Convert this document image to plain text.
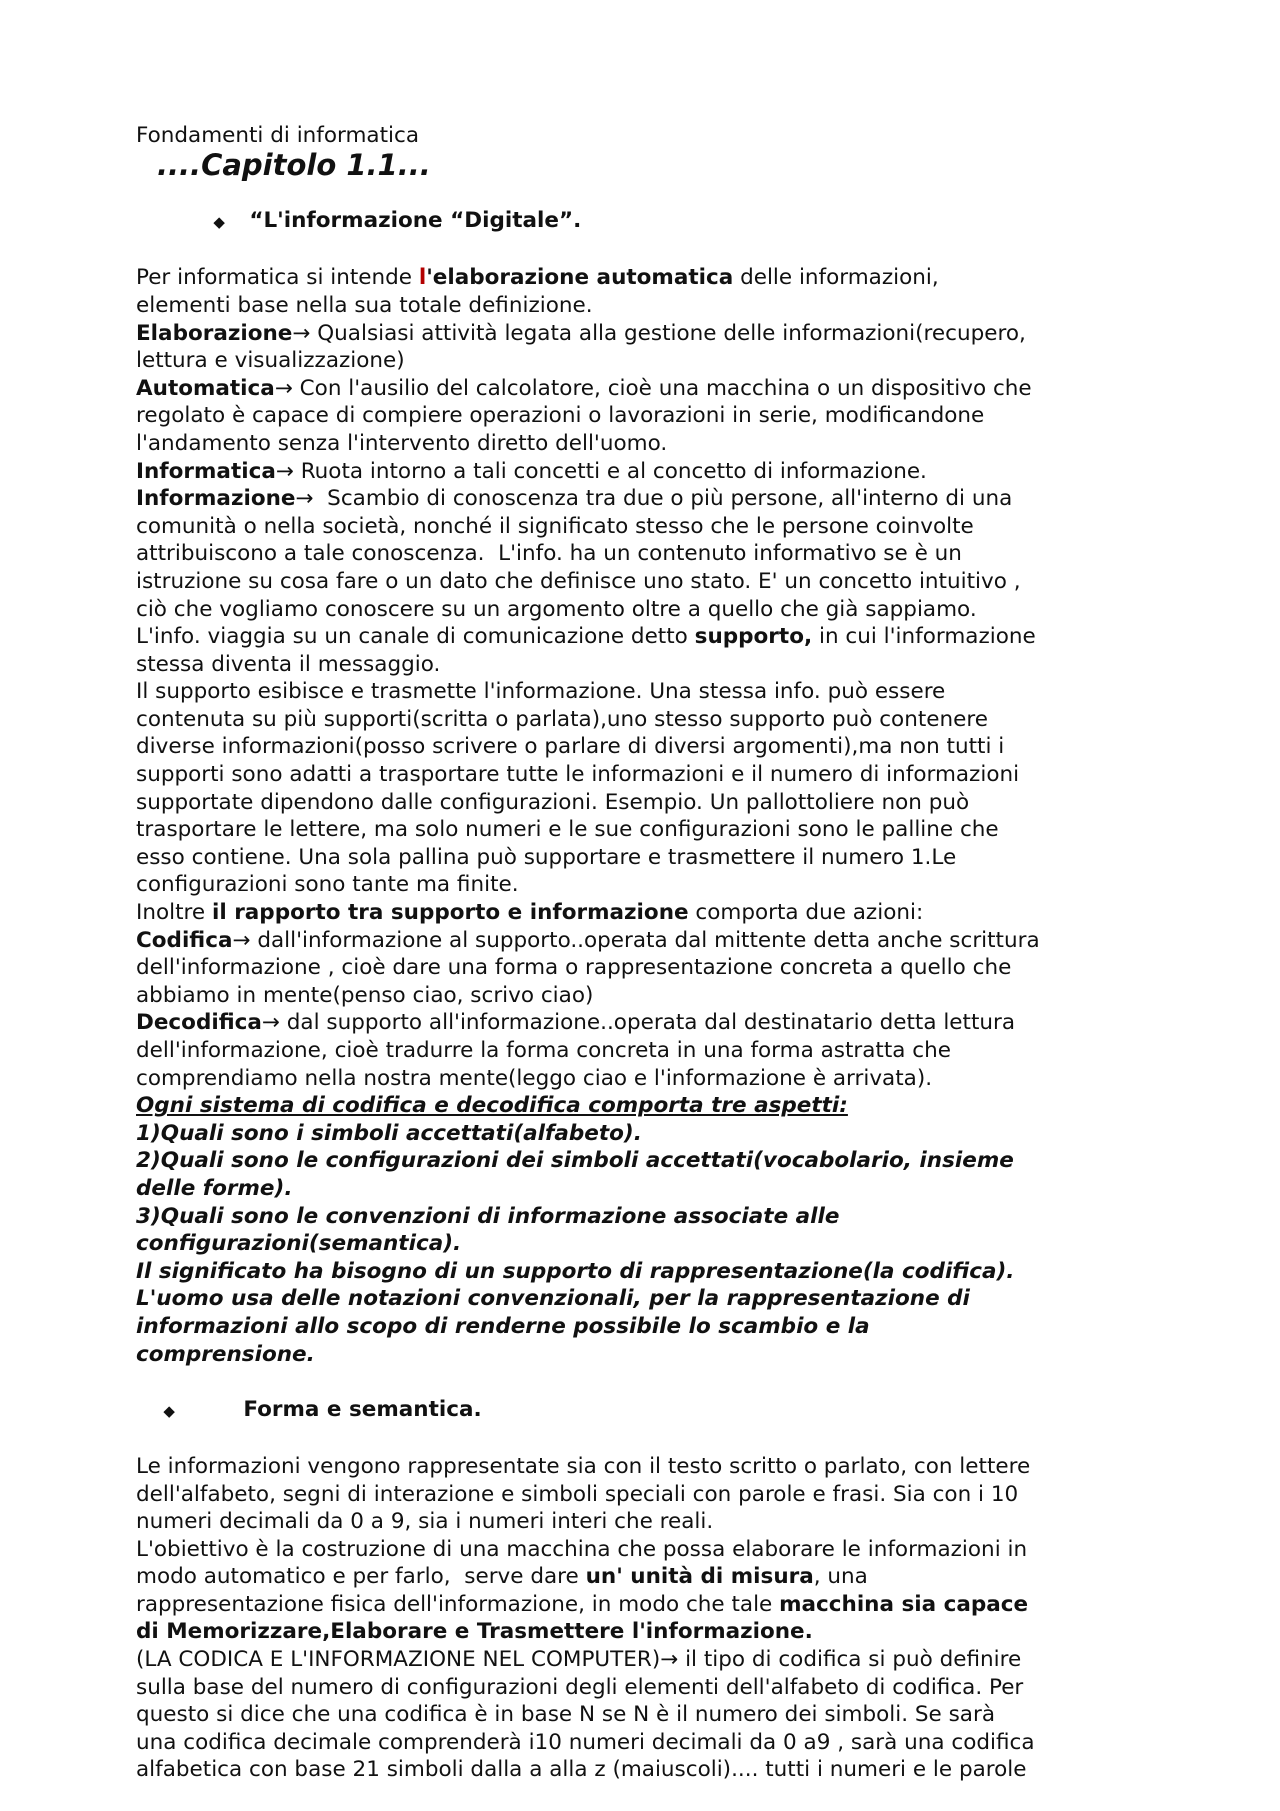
Fondamenti di informatica
....Capitolo 1.1...

◆ “L'informazione “Digitale”.

Per informatica si intende l'elaborazione automatica delle informazioni,
elementi base nella sua totale definizione.
Elaborazione→ Qualsiasi attività legata alla gestione delle informazioni(recupero,
lettura e visualizzazione)
Automatica→ Con l'ausilio del calcolatore, cioè una macchina o un dispositivo che
regolato è capace di compiere operazioni o lavorazioni in serie, modificandone
l'andamento senza l'intervento diretto dell'uomo.
Informatica→ Ruota intorno a tali concetti e al concetto di informazione.
Informazione→  Scambio di conoscenza tra due o più persone, all'interno di una
comunità o nella società, nonché il significato stesso che le persone coinvolte
attribuiscono a tale conoscenza.  L'info. ha un contenuto informativo se è un
istruzione su cosa fare o un dato che definisce uno stato. E' un concetto intuitivo ,
ciò che vogliamo conoscere su un argomento oltre a quello che già sappiamo.
L'info. viaggia su un canale di comunicazione detto supporto, in cui l'informazione
stessa diventa il messaggio.
Il supporto esibisce e trasmette l'informazione. Una stessa info. può essere
contenuta su più supporti(scritta o parlata),uno stesso supporto può contenere
diverse informazioni(posso scrivere o parlare di diversi argomenti),ma non tutti i
supporti sono adatti a trasportare tutte le informazioni e il numero di informazioni
supportate dipendono dalle configurazioni. Esempio. Un pallottoliere non può
trasportare le lettere, ma solo numeri e le sue configurazioni sono le palline che
esso contiene. Una sola pallina può supportare e trasmettere il numero 1.Le
configurazioni sono tante ma finite.
Inoltre il rapporto tra supporto e informazione comporta due azioni:
Codifica→ dall'informazione al supporto..operata dal mittente detta anche scrittura
dell'informazione , cioè dare una forma o rappresentazione concreta a quello che
abbiamo in mente(penso ciao, scrivo ciao)
Decodifica→ dal supporto all'informazione..operata dal destinatario detta lettura
dell'informazione, cioè tradurre la forma concreta in una forma astratta che
comprendiamo nella nostra mente(leggo ciao e l'informazione è arrivata).
Ogni sistema di codifica e decodifica comporta tre aspetti:
1)Quali sono i simboli accettati(alfabeto).
2)Quali sono le configurazioni dei simboli accettati(vocabolario, insieme
delle forme).
3)Quali sono le convenzioni di informazione associate alle
configurazioni(semantica).
Il significato ha bisogno di un supporto di rappresentazione(la codifica).
L'uomo usa delle notazioni convenzionali, per la rappresentazione di
informazioni allo scopo di renderne possibile lo scambio e la
comprensione.

◆	Forma e semantica.

Le informazioni vengono rappresentate sia con il testo scritto o parlato, con lettere
dell'alfabeto, segni di interazione e simboli speciali con parole e frasi. Sia con i 10
numeri decimali da 0 a 9, sia i numeri interi che reali.
L'obiettivo è la costruzione di una macchina che possa elaborare le informazioni in
modo automatico e per farlo,  serve dare un' unità di misura, una
rappresentazione fisica dell'informazione, in modo che tale macchina sia capace
di Memorizzare,Elaborare e Trasmettere l'informazione.
(LA CODICA E L'INFORMAZIONE NEL COMPUTER)→ il tipo di codifica si può definire
sulla base del numero di configurazioni degli elementi dell'alfabeto di codifica. Per
questo si dice che una codifica è in base N se N è il numero dei simboli. Se sarà
una codifica decimale comprenderà i10 numeri decimali da 0 a9 , sarà una codifica
alfabetica con base 21 simboli dalla a alla z (maiuscoli).... tutti i numeri e le parole
